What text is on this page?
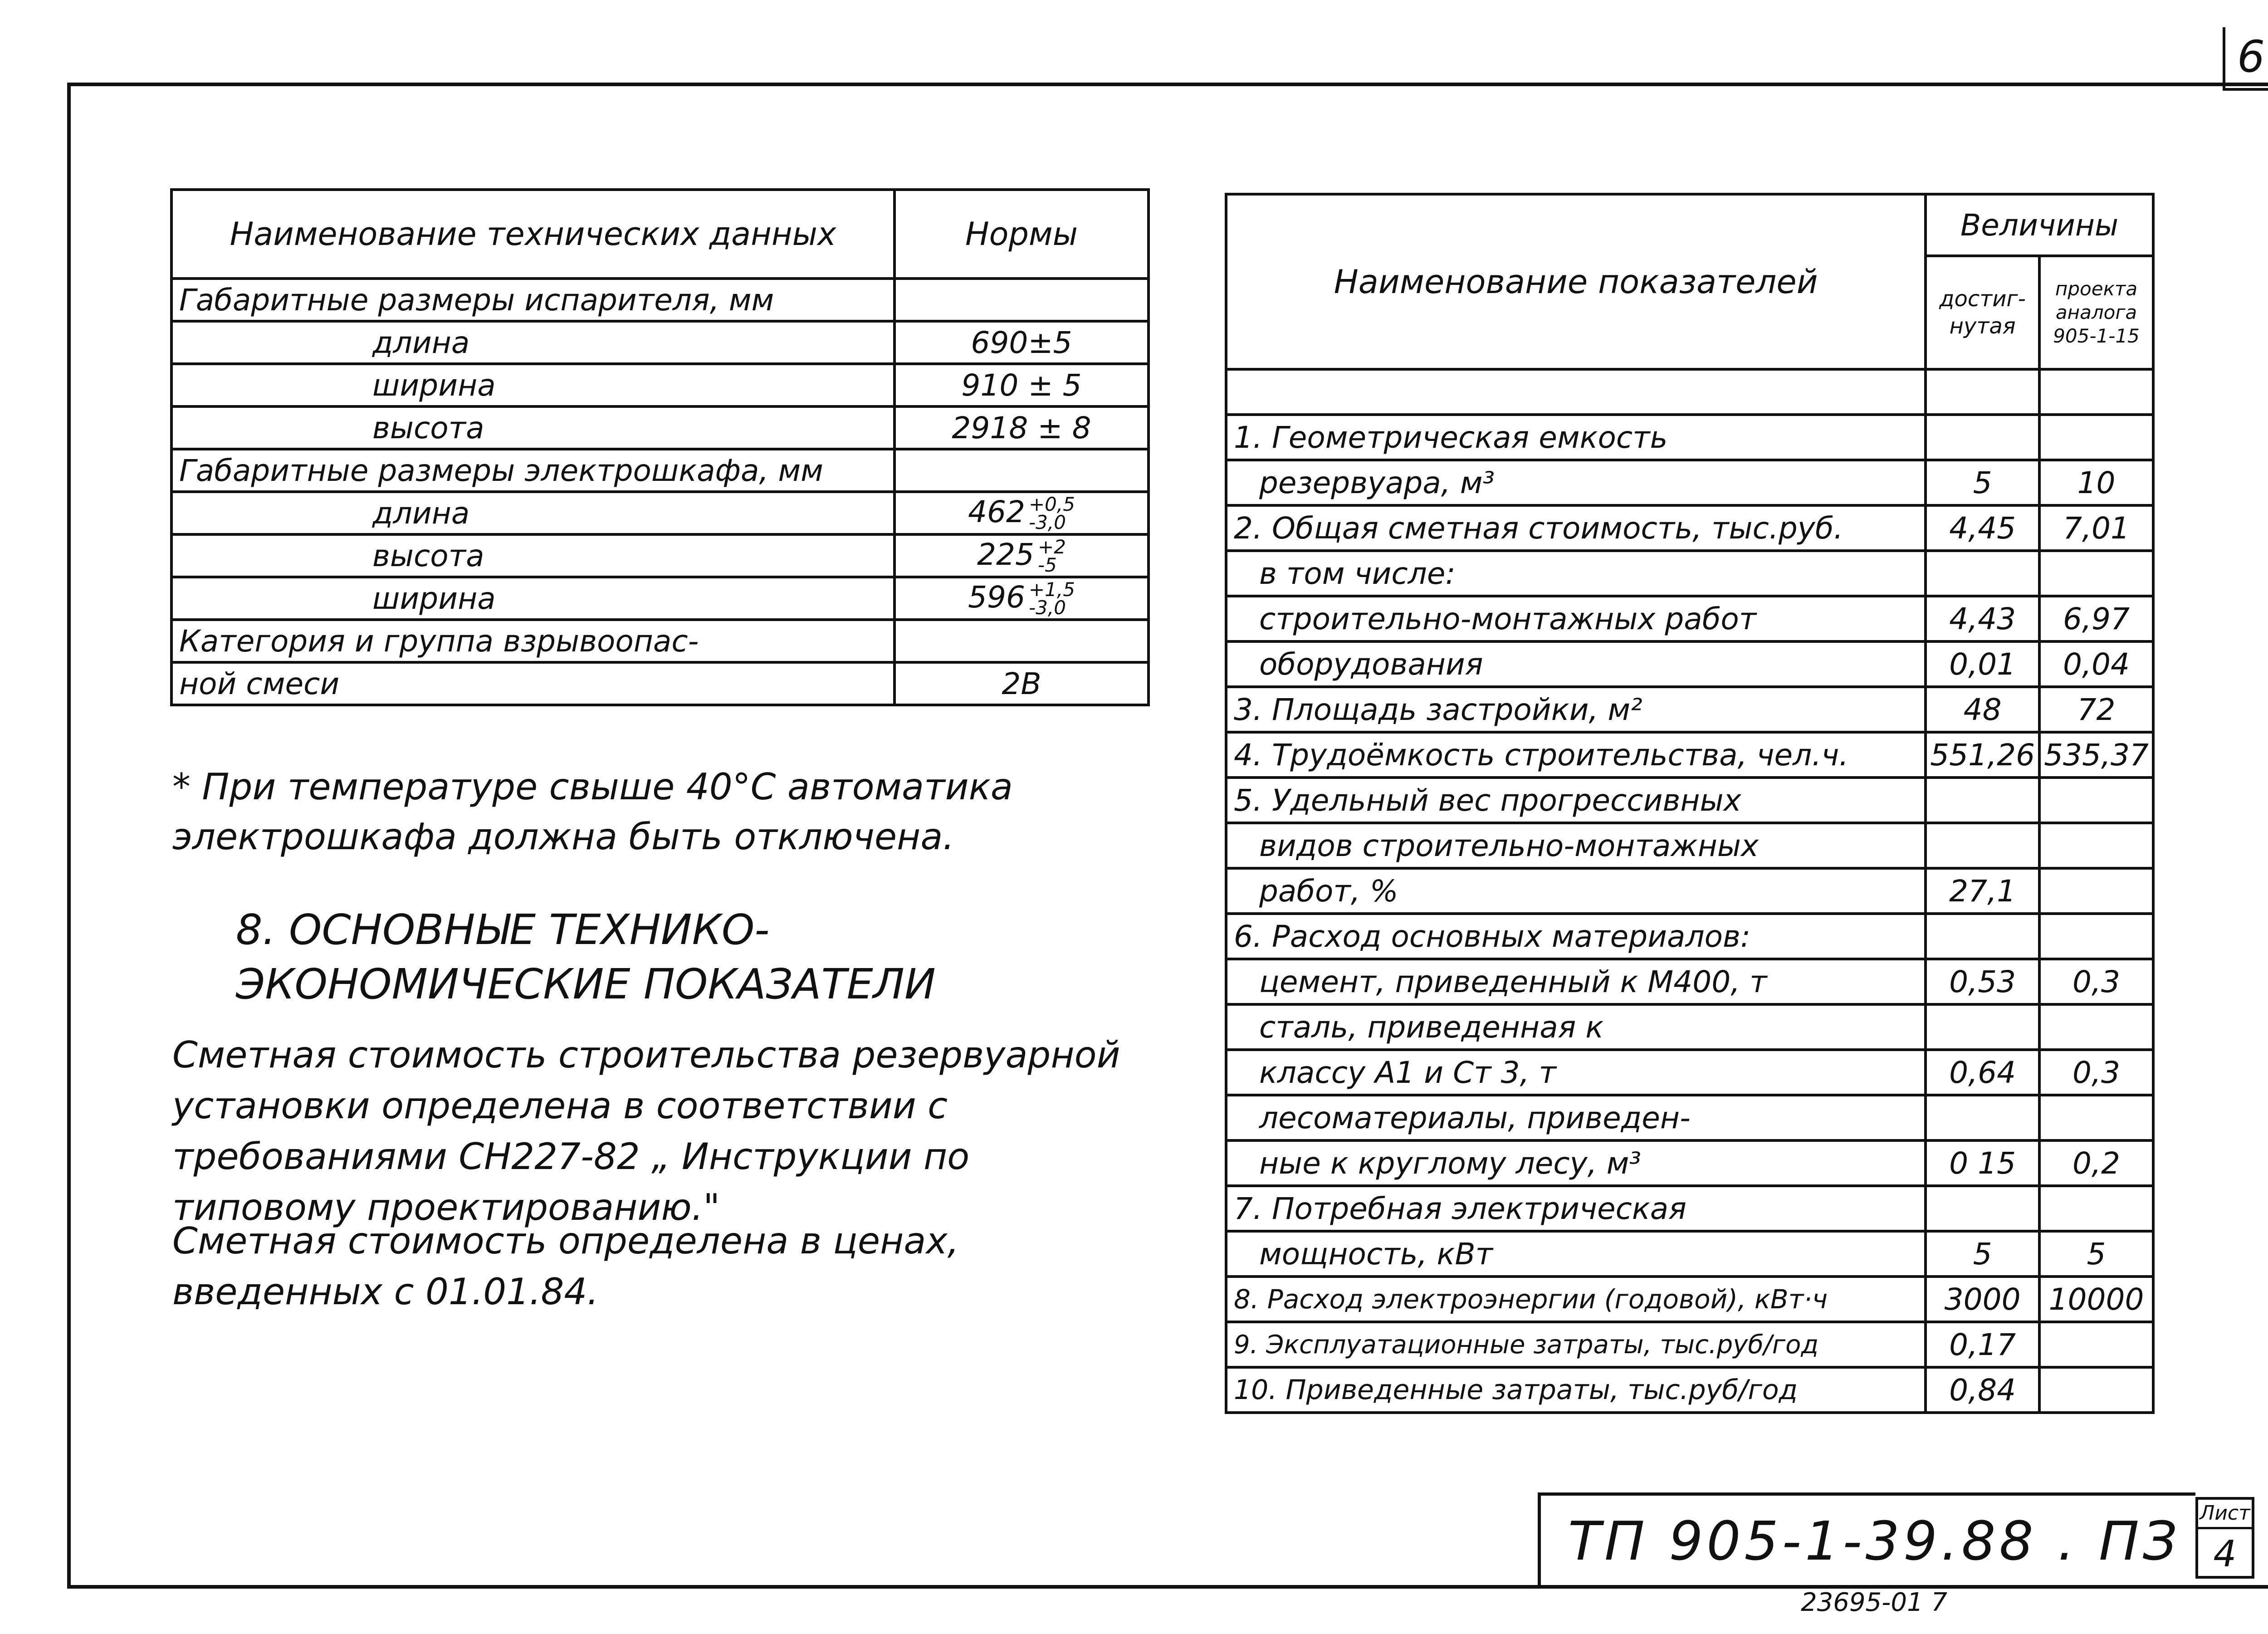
6
Наименование технических данных	Нормы
Габаритные размеры испарителя, мм	
длина	690±5
ширина	910 ± 5
высота	2918 ± 8
Габаритные размеры электрошкафа, мм	
длина	462 +0,5
-3,0
высота	225 +2
-5
ширина	596 +1,5
-3,0
Категория и группа взрывоопас-	
ной смеси	2В
* При температуре свыше 40°С автоматика электрошкафа должна быть отключена.
8. ОСНОВНЫЕ ТЕХНИКО-ЭКОНОМИЧЕСКИЕ ПОКАЗАТЕЛИ
Сметная стоимость строительства резервуарной установки определена в соответствии с требованиями СН227-82 „ Инструкции по типовому проектированию."
Сметная стоимость определена в ценах, введенных с 01.01.84.
Наименование показателей	Величины	
	достиг-нутая	проекта аналога 905-1-15

1. Геометрическая емкость		
резервуара, м³	5	10
2. Общая сметная стоимость, тыс.руб.	4,45	7,01
в том числе:		
строительно-монтажных работ	4,43	6,97
оборудования	0,01	0,04
3. Площадь застройки, м²	48	72
4. Трудоёмкость строительства, чел.ч.	551,26	535,37
5. Удельный вес прогрессивных		
видов строительно-монтажных		
работ, %	27,1	
6. Расход основных материалов:		
цемент, приведенный к М400, т	0,53	0,3
сталь, приведенная к		
классу А1 и Ст 3, т	0,64	0,3
лесоматериалы, приведен-		
ные к круглому лесу, м³	0 15	0,2
7. Потребная электрическая		
мощность, кВт	5	5
8. Расход электроэнергии (годовой), кВт·ч	3000	10000
9. Эксплуатационные затраты, тыс.руб/год	0,17	
10. Приведенные затраты, тыс.руб/год	0,84	
ТП 905-1-39.88 . ПЗ Лист
4
23695-01 7
